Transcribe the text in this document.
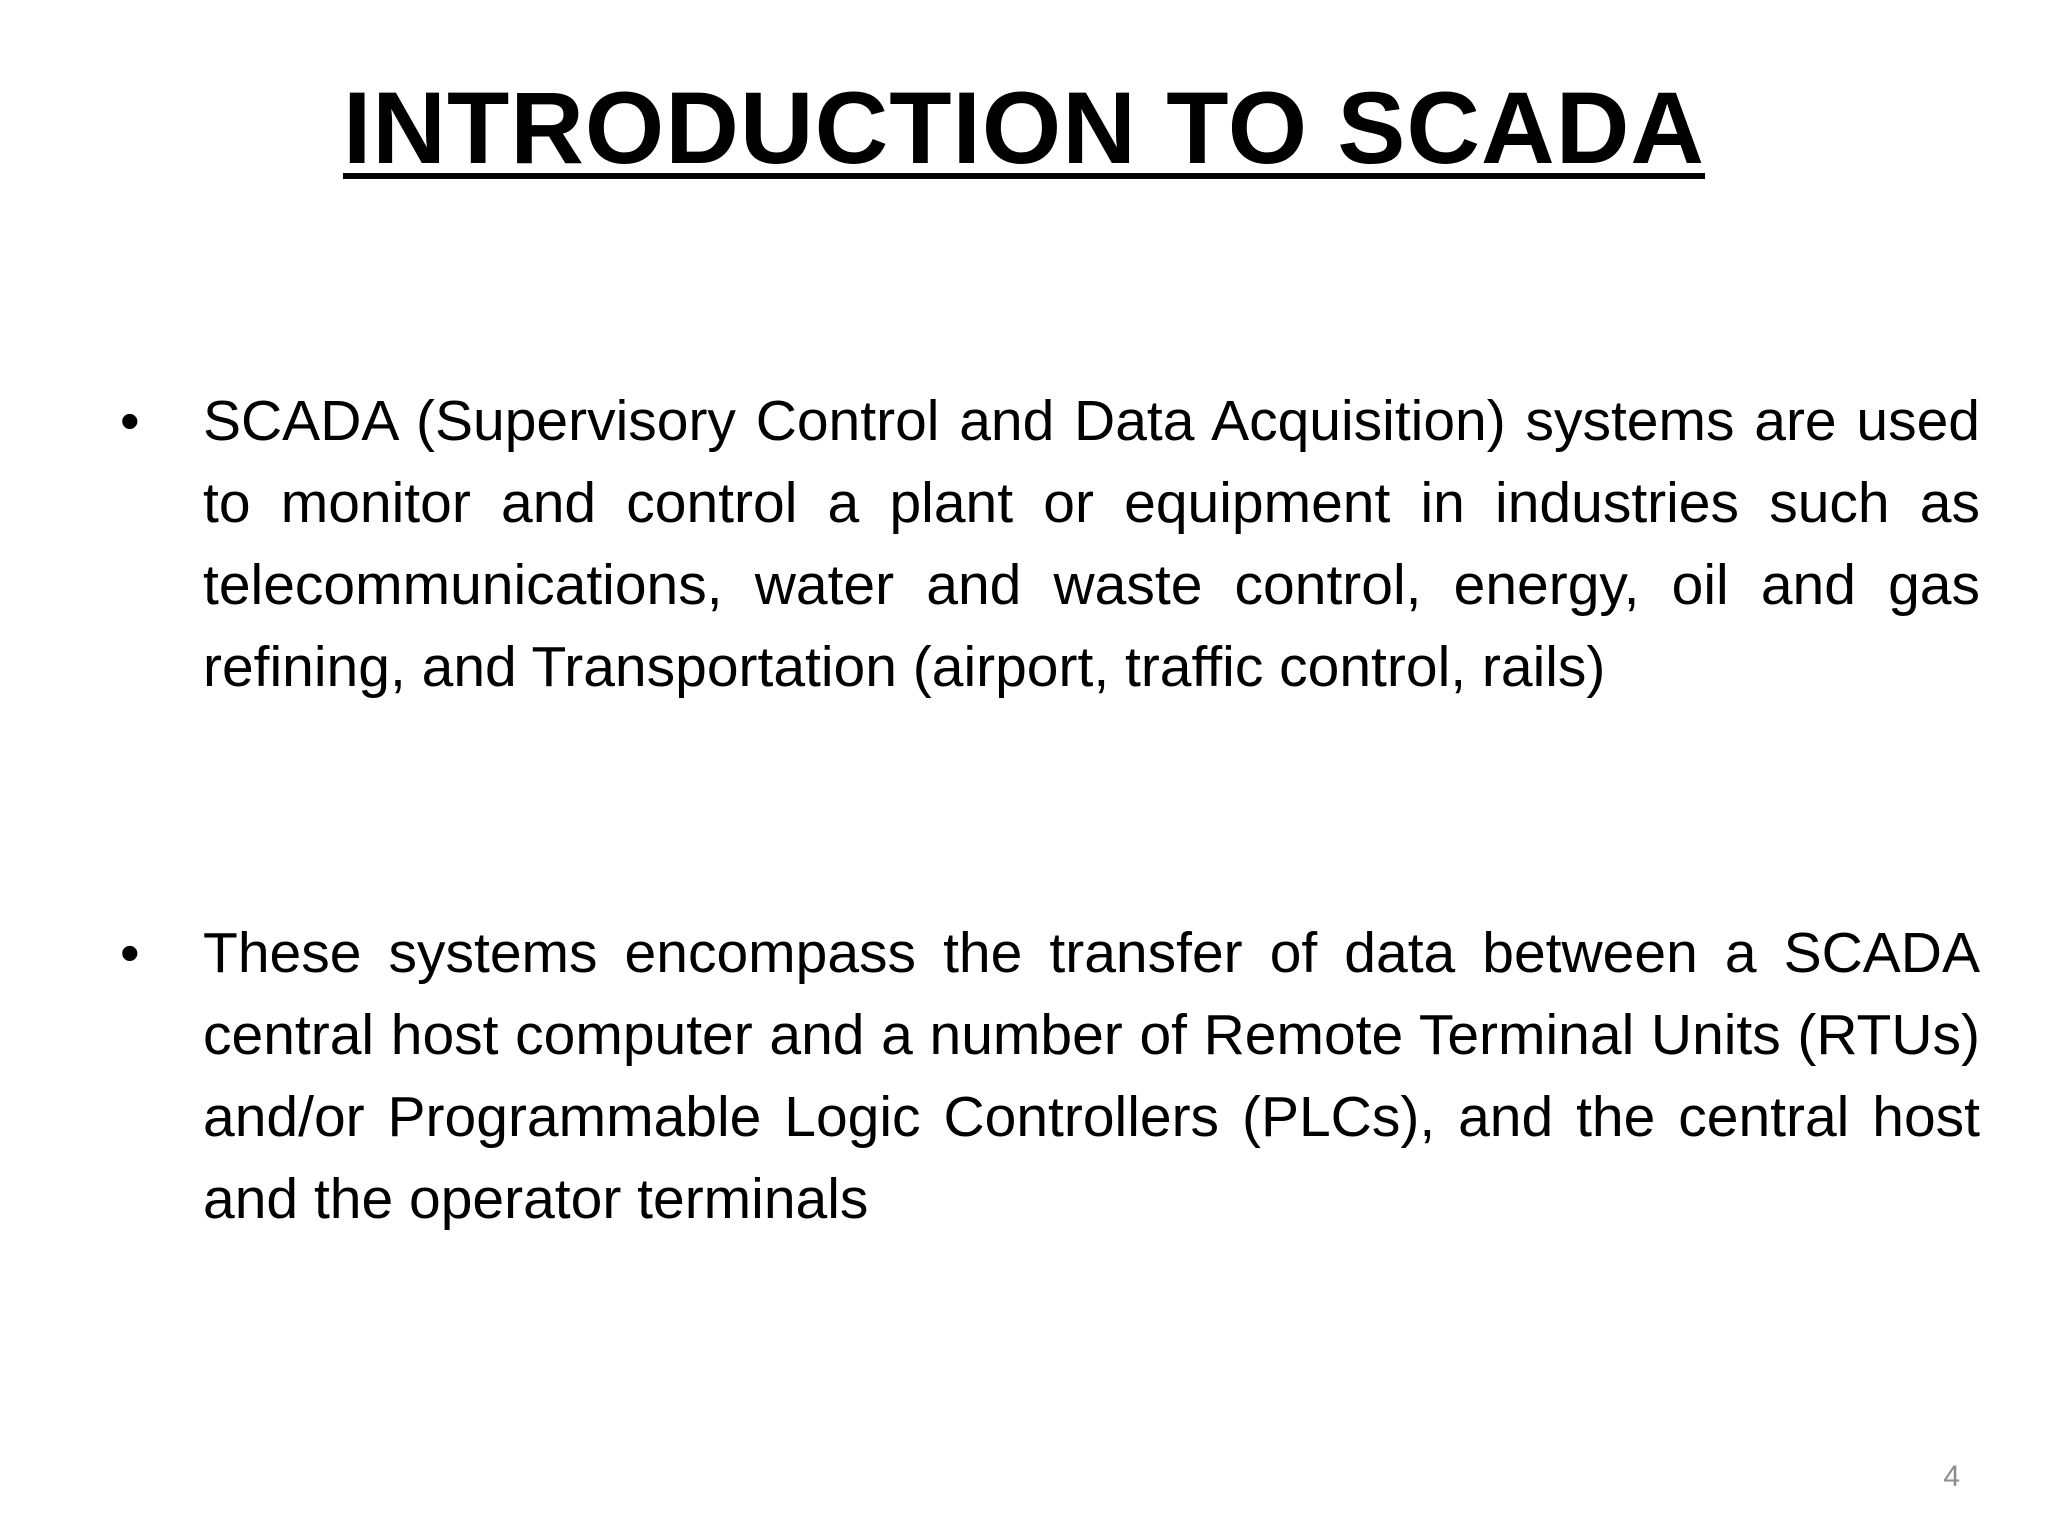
INTRODUCTION TO SCADA
•	SCADA (Supervisory Control and Data Acquisition) systems are used to monitor and control a plant or equipment in industries such as telecommunications, water and waste control, energy, oil and gas refining, and Transportation (airport, traffic control, rails)

•	These systems encompass the transfer of data between a SCADA central host computer and a number of Remote Terminal Units (RTUs) and/or Programmable Logic Controllers (PLCs), and the central host and the operator terminals

4
